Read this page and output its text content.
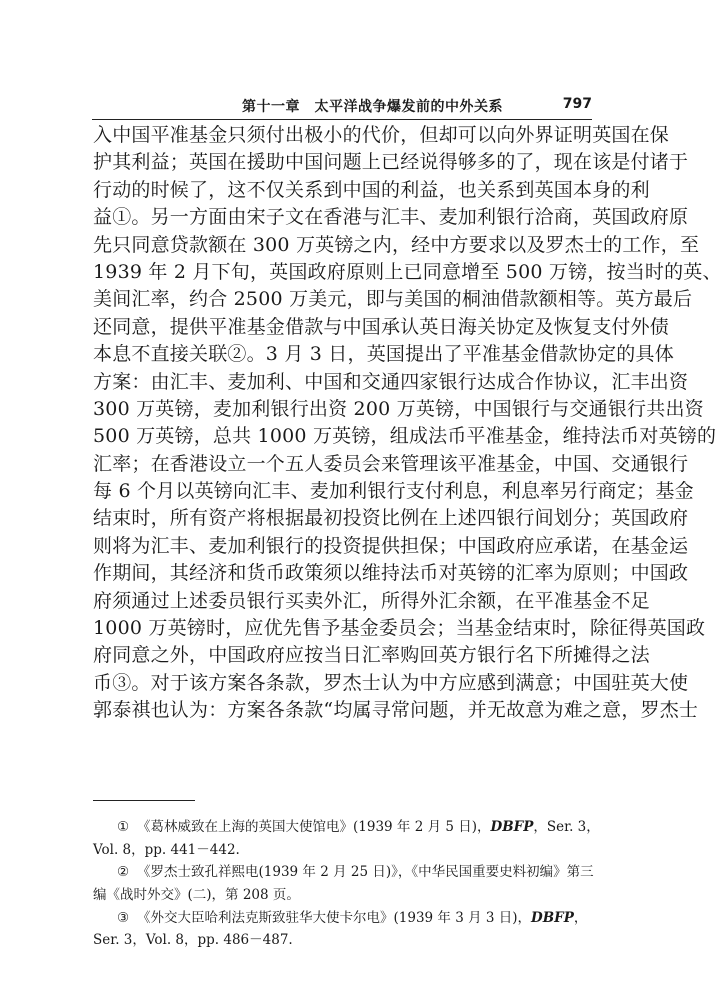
第十一章　太平洋战争爆发前的中外关系	797
入中国平准基金只须付出极小的代价，但却可以向外界证明英国在保
护其利益；英国在援助中国问题上已经说得够多的了，现在该是付诸于
行动的时候了，这不仅关系到中国的利益，也关系到英国本身的利
益①。另一方面由宋子文在香港与汇丰、麦加利银行洽商，英国政府原
先只同意贷款额在 300 万英镑之内，经中方要求以及罗杰士的工作，至
1939 年 2 月下旬，英国政府原则上已同意增至 500 万镑，按当时的英、
美间汇率，约合 2500 万美元，即与美国的桐油借款额相等。英方最后
还同意，提供平准基金借款与中国承认英日海关协定及恢复支付外债
本息不直接关联②。3 月 3 日，英国提出了平准基金借款协定的具体
方案：由汇丰、麦加利、中国和交通四家银行达成合作协议，汇丰出资
300 万英镑，麦加利银行出资 200 万英镑，中国银行与交通银行共出资
500 万英镑，总共 1000 万英镑，组成法币平准基金，维持法币对英镑的
汇率；在香港设立一个五人委员会来管理该平准基金，中国、交通银行
每 6 个月以英镑向汇丰、麦加利银行支付利息，利息率另行商定；基金
结束时，所有资产将根据最初投资比例在上述四银行间划分；英国政府
则将为汇丰、麦加利银行的投资提供担保；中国政府应承诺，在基金运
作期间，其经济和货币政策须以维持法币对英镑的汇率为原则；中国政
府须通过上述委员银行买卖外汇，所得外汇余额，在平准基金不足
1000 万英镑时，应优先售予基金委员会；当基金结束时，除征得英国政
府同意之外，中国政府应按当日汇率购回英方银行名下所摊得之法
币③。对于该方案各条款，罗杰士认为中方应感到满意；中国驻英大使
郭泰祺也认为：方案各条款“均属寻常问题，并无故意为难之意，罗杰士
① 《葛林威致在上海的英国大使馆电》(1939 年 2 月 5 日)，DBFP，Ser. 3，
Vol. 8，pp. 441－442.
② 《罗杰士致孔祥熙电(1939 年 2 月 25 日)》，《中华民国重要史料初编》第三
编《战时外交》(二)，第 208 页。
③ 《外交大臣哈利法克斯致驻华大使卡尔电》(1939 年 3 月 3 日)，DBFP，
Ser. 3，Vol. 8，pp. 486－487.
